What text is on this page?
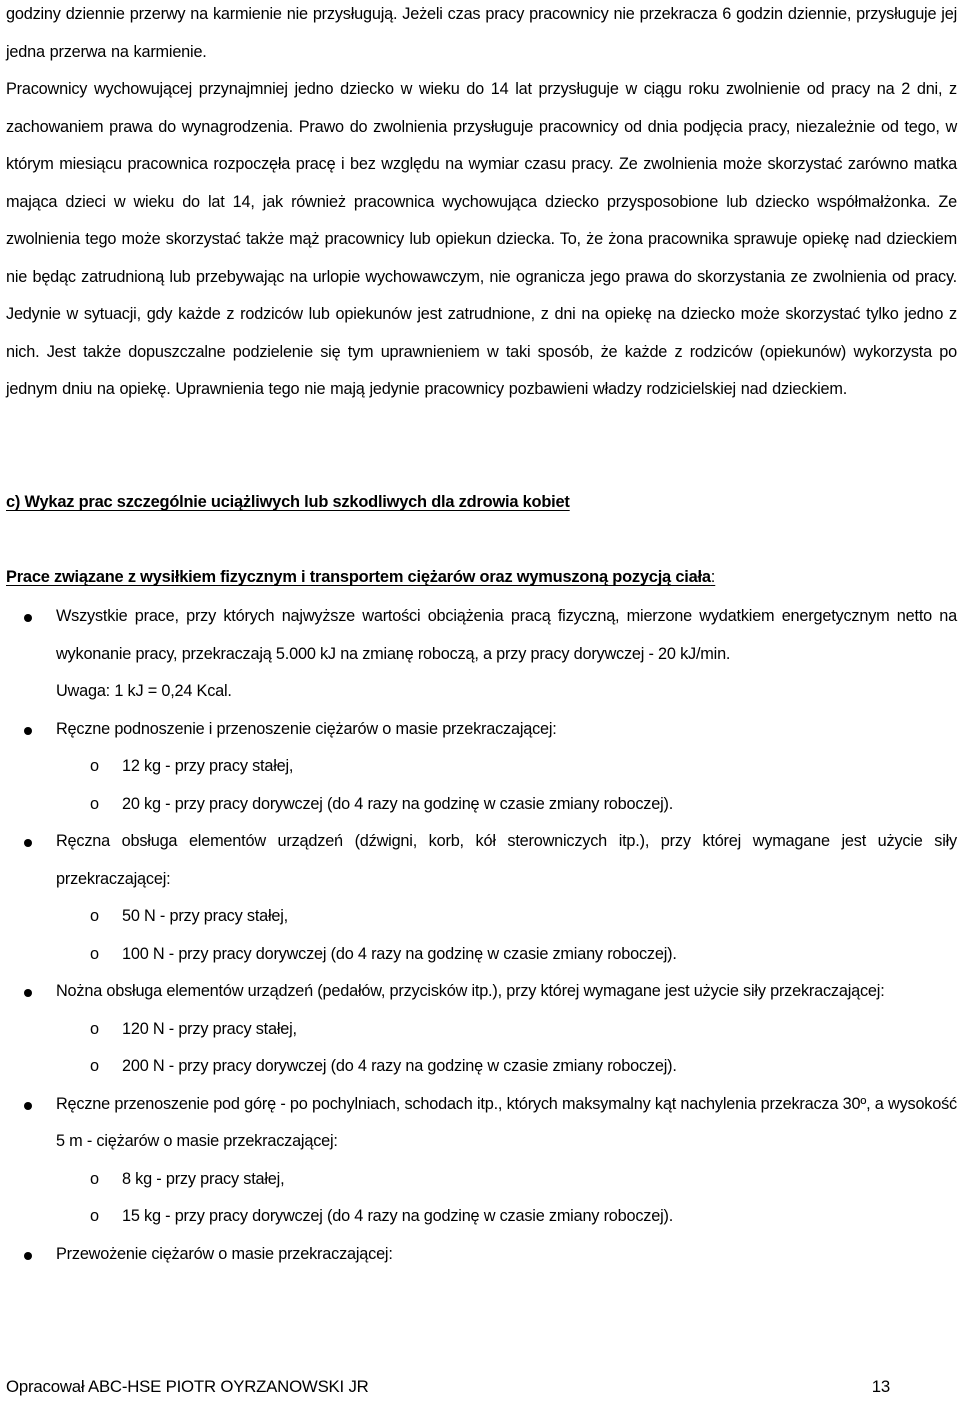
godziny dziennie przerwy na karmienie nie przysługują. Jeżeli czas pracy pracownicy nie przekracza 6 godzin dziennie, przysługuje jej jedna przerwa na karmienie.

Pracownicy wychowującej przynajmniej jedno dziecko w wieku do 14 lat przysługuje w ciągu roku zwolnienie od pracy na 2 dni, z zachowaniem prawa do wynagrodzenia. Prawo do zwolnienia przysługuje pracownicy od dnia podjęcia pracy, niezależnie od tego, w którym miesiącu pracownica rozpoczęła pracę i bez względu na wymiar czasu pracy. Ze zwolnienia może skorzystać zarówno matka mająca dzieci w wieku do lat 14, jak również pracownica wychowująca dziecko przysposobione lub dziecko współmałżonka. Ze zwolnienia tego może skorzystać także mąż pracownicy lub opiekun dziecka. To, że żona pracownika sprawuje opiekę nad dzieckiem nie będąc zatrudnioną lub przebywając na urlopie wychowawczym, nie ogranicza jego prawa do skorzystania ze zwolnienia od pracy. Jedynie w sytuacji, gdy każde z rodziców lub opiekunów jest zatrudnione, z dni na opiekę na dziecko może skorzystać tylko jedno z nich. Jest także dopuszczalne podzielenie się tym uprawnieniem w taki sposób, że każde z rodziców (opiekunów) wykorzysta po jednym dniu na opiekę. Uprawnienia tego nie mają jedynie pracownicy pozbawieni władzy rodzicielskiej nad dzieckiem.

c) Wykaz prac szczególnie uciążliwych lub szkodliwych dla zdrowia kobiet
Prace związane z wysiłkiem fizycznym i transportem ciężarów oraz wymuszoną pozycją ciała:
Wszystkie prace, przy których najwyższe wartości obciążenia pracą fizyczną, mierzone wydatkiem energetycznym netto na wykonanie pracy, przekraczają 5.000 kJ na zmianę roboczą, a przy pracy dorywczej - 20 kJ/min.
Uwaga: 1 kJ = 0,24 Kcal.
Ręczne podnoszenie i przenoszenie ciężarów o masie przekraczającej:
o 12 kg - przy pracy stałej,
o 20 kg - przy pracy dorywczej (do 4 razy na godzinę w czasie zmiany roboczej).
Ręczna obsługa elementów urządzeń (dźwigni, korb, kół sterowniczych itp.), przy której wymagane jest użycie siły przekraczającej:
o 50 N - przy pracy stałej,
o 100 N - przy pracy dorywczej (do 4 razy na godzinę w czasie zmiany roboczej).
Nożna obsługa elementów urządzeń (pedałów, przycisków itp.), przy której wymagane jest użycie siły przekraczającej:
o 120 N - przy pracy stałej,
o 200 N - przy pracy dorywczej (do 4 razy na godzinę w czasie zmiany roboczej).
Ręczne przenoszenie pod górę - po pochylniach, schodach itp., których maksymalny kąt nachylenia przekracza 30º, a wysokość 5 m - ciężarów o masie przekraczającej:
o 8 kg - przy pracy stałej,
o 15 kg - przy pracy dorywczej (do 4 razy na godzinę w czasie zmiany roboczej).
Przewożenie ciężarów o masie przekraczającej:
Opracował ABC-HSE PIOTR OYRZANOWSKI JR	13
